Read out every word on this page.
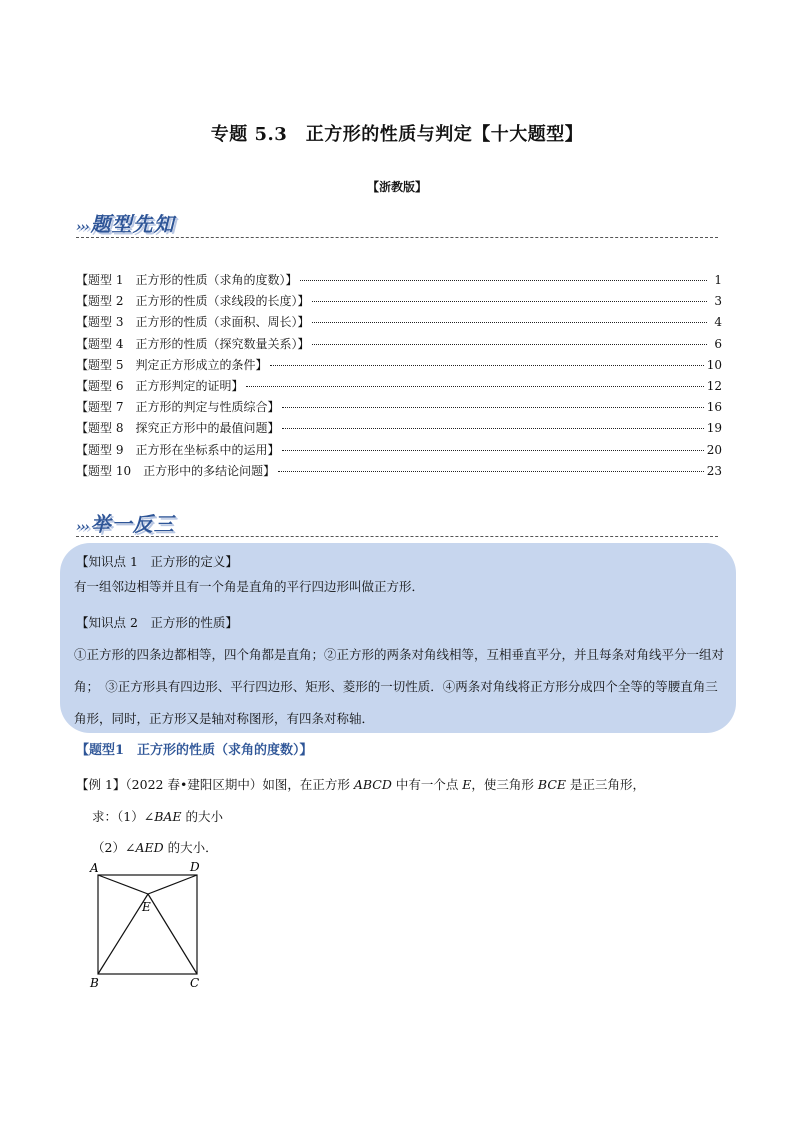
专题 5.3　正方形的性质与判定【十大题型】
【浙教版】
››› 题型先知
【题型 1　正方形的性质（求角的度数）】	1
【题型 2　正方形的性质（求线段的长度）】	3
【题型 3　正方形的性质（求面积、周长）】	4
【题型 4　正方形的性质（探究数量关系）】	6
【题型 5　判定正方形成立的条件】	10
【题型 6　正方形判定的证明】	12
【题型 7　正方形的判定与性质综合】	16
【题型 8　探究正方形中的最值问题】	19
【题型 9　正方形在坐标系中的运用】	20
【题型 10　正方形中的多结论问题】	23
››› 举一反三
【知识点 1　正方形的定义】
有一组邻边相等并且有一个角是直角的平行四边形叫做正方形．
【知识点 2　正方形的性质】
①正方形的四条边都相等，四个角都是直角；②正方形的两条对角线相等，互相垂直平分，并且每条对角线平分一组对角；　③正方形具有四边形、平行四边形、矩形、菱形的一切性质．④两条对角线将正方形分成四个全等的等腰直角三角形，同时，正方形又是轴对称图形，有四条对称轴．
【题型1　正方形的性质（求角的度数）】
【例 1】（2022 春•建阳区期中）如图，在正方形 ABCD 中有一个点 E，使三角形 BCE 是正三角形，
求：（1）∠BAE 的大小
（2）∠AED 的大小．
A	D
B	C
E
